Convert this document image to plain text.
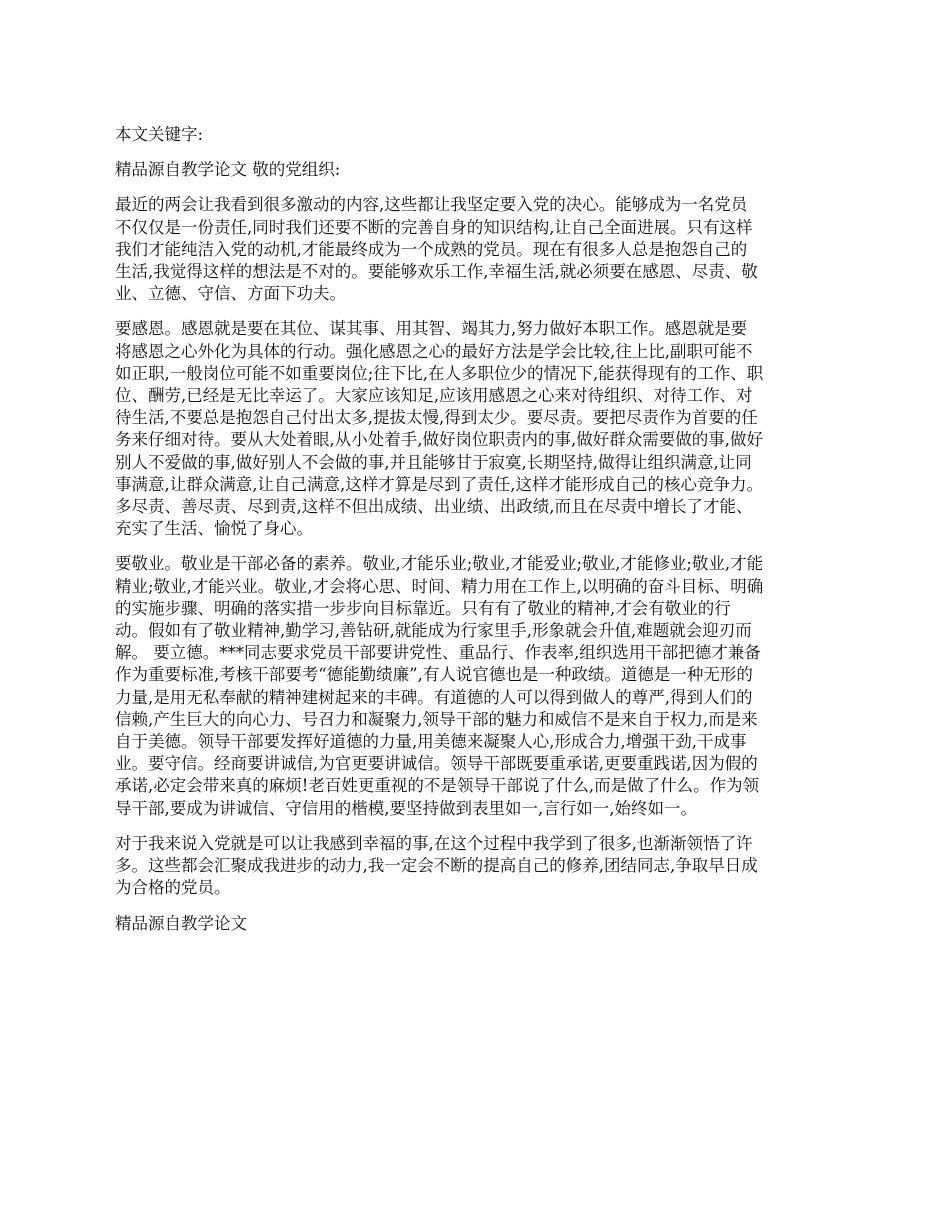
本文关键字:

精品源自教学论文 敬的党组织:

最近的两会让我看到很多激动的内容,这些都让我坚定要入党的决心。能够成为一名党员
不仅仅是一份责任,同时我们还要不断的完善自身的知识结构,让自己全面进展。只有这样
我们才能纯洁入党的动机,才能最终成为一个成熟的党员。现在有很多人总是抱怨自己的
生活,我觉得这样的想法是不对的。要能够欢乐工作,幸福生活,就必须要在感恩、尽责、敬
业、立德、守信、方面下功夫。

要感恩。感恩就是要在其位、谋其事、用其智、竭其力,努力做好本职工作。感恩就是要
将感恩之心外化为具体的行动。强化感恩之心的最好方法是学会比较,往上比,副职可能不
如正职,一般岗位可能不如重要岗位;往下比,在人多职位少的情况下,能获得现有的工作、职
位、酬劳,已经是无比幸运了。大家应该知足,应该用感恩之心来对待组织、对待工作、对
待生活,不要总是抱怨自己付出太多,提拔太慢,得到太少。要尽责。要把尽责作为首要的任
务来仔细对待。要从大处着眼,从小处着手,做好岗位职责内的事,做好群众需要做的事,做好
别人不爱做的事,做好别人不会做的事,并且能够甘于寂寞,长期坚持,做得让组织满意,让同
事满意,让群众满意,让自己满意,这样才算是尽到了责任,这样才能形成自己的核心竞争力。
多尽责、善尽责、尽到责,这样不但出成绩、出业绩、出政绩,而且在尽责中增长了才能、
充实了生活、愉悦了身心。

要敬业。敬业是干部必备的素养。敬业,才能乐业;敬业,才能爱业;敬业,才能修业;敬业,才能
精业;敬业,才能兴业。敬业,才会将心思、时间、精力用在工作上,以明确的奋斗目标、明确
的实施步骤、明确的落实措一步步向目标靠近。只有有了敬业的精神,才会有敬业的行
动。假如有了敬业精神,勤学习,善钻研,就能成为行家里手,形象就会升值,难题就会迎刃而
解。 要立德。***同志要求党员干部要讲党性、重品行、作表率,组织选用干部把德才兼备
作为重要标准,考核干部要考“德能勤绩廉”,有人说官德也是一种政绩。道德是一种无形的
力量,是用无私奉献的精神建树起来的丰碑。有道德的人可以得到做人的尊严,得到人们的
信赖,产生巨大的向心力、号召力和凝聚力,领导干部的魅力和威信不是来自于权力,而是来
自于美德。领导干部要发挥好道德的力量,用美德来凝聚人心,形成合力,增强干劲,干成事
业。要守信。经商要讲诚信,为官更要讲诚信。领导干部既要重承诺,更要重践诺,因为假的
承诺,必定会带来真的麻烦!老百姓更重视的不是领导干部说了什么,而是做了什么。作为领
导干部,要成为讲诚信、守信用的楷模,要坚持做到表里如一,言行如一,始终如一。

对于我来说入党就是可以让我感到幸福的事,在这个过程中我学到了很多,也渐渐领悟了许
多。这些都会汇聚成我进步的动力,我一定会不断的提高自己的修养,团结同志,争取早日成
为合格的党员。

精品源自教学论文
